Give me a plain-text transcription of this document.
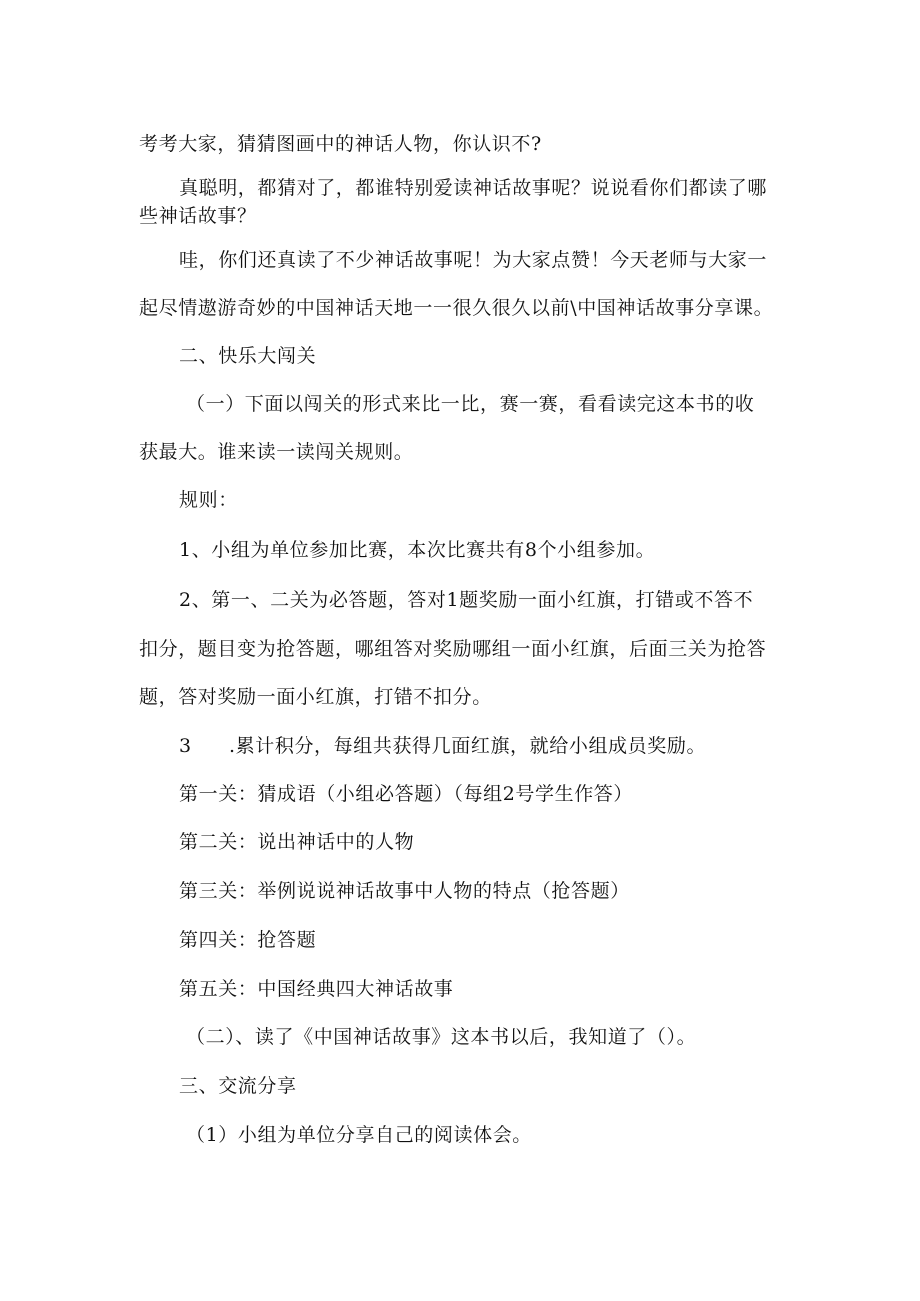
考考大家，猜猜图画中的神话人物，你认识不?
真聪明，都猜对了，都谁特别爱读神话故事呢？说说看你们都读了哪
些神话故事？
哇，你们还真读了不少神话故事呢！为大家点赞！今天老师与大家一
起尽情遨游奇妙的中国神话天地一一很久很久以前\中国神话故事分享课。
二、快乐大闯关
（一）下面以闯关的形式来比一比，赛一赛，看看读完这本书的收
获最大。谁来读一读闯关规则。
规则：
1、小组为单位参加比赛，本次比赛共有8个小组参加。
2、第一、二关为必答题，答对1题奖励一面小红旗，打错或不答不
扣分，题目变为抢答题，哪组答对奖励哪组一面小红旗，后面三关为抢答
题，答对奖励一面小红旗，打错不扣分。
3 .累计积分，每组共获得几面红旗，就给小组成员奖励。
第一关：猜成语（小组必答题）（每组2号学生作答）
第二关：说出神话中的人物
第三关：举例说说神话故事中人物的特点（抢答题）
第四关：抢答题
第五关：中国经典四大神话故事
（二）、读了《中国神话故事》这本书以后，我知道了（）。
三、交流分享
（1）小组为单位分享自己的阅读体会。
